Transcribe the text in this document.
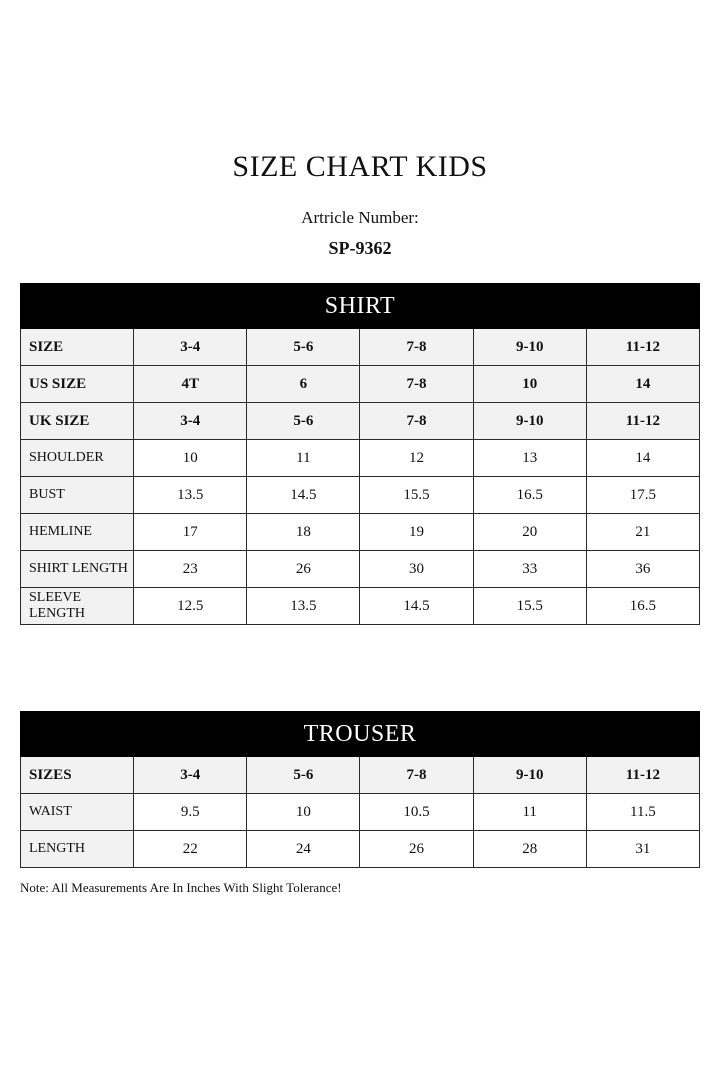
SIZE CHART KIDS

Artricle Number:

SP-9362

SHIRT					
SIZE	3-4	5-6	7-8	9-10	11-12
US SIZE	4T	6	7-8	10	14
UK SIZE	3-4	5-6	7-8	9-10	11-12
SHOULDER	10	11	12	13	14
BUST	13.5	14.5	15.5	16.5	17.5
HEMLINE	17	18	19	20	21
SHIRT LENGTH	23	26	30	33	36
SLEEVE LENGTH	12.5	13.5	14.5	15.5	16.5
TROUSER					
SIZES	3-4	5-6	7-8	9-10	11-12
WAIST	9.5	10	10.5	11	11.5
LENGTH	22	24	26	28	31
Note: All Measurements Are In Inches With Slight Tolerance!
